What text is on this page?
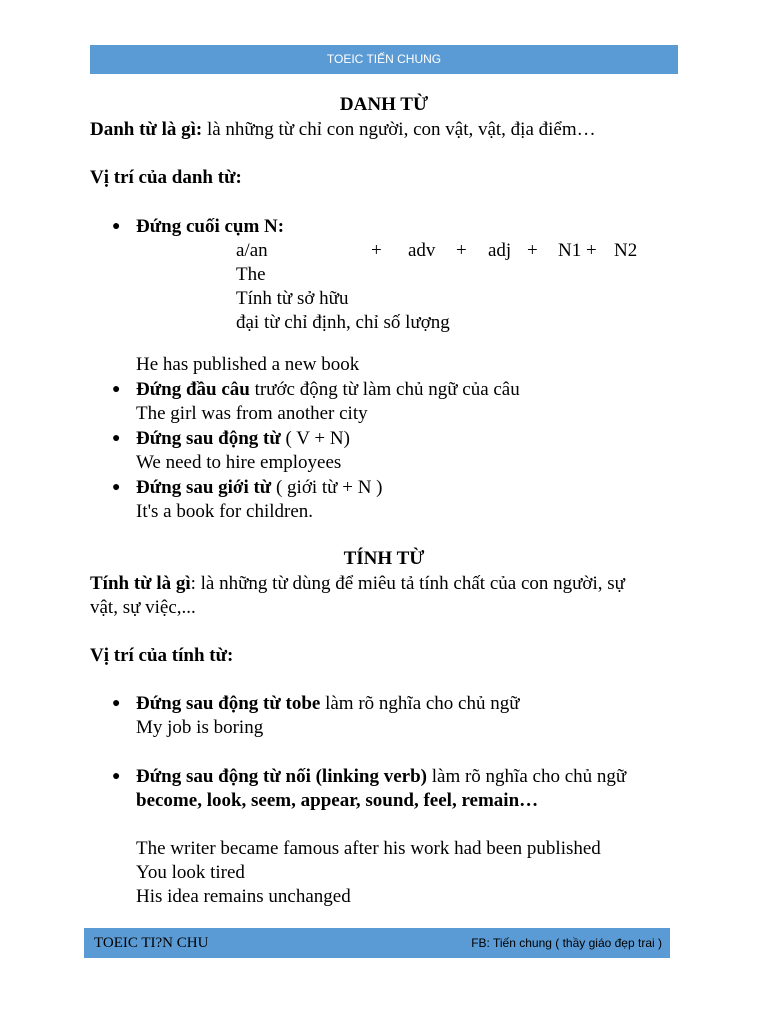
TOEIC TIẾN CHUNG
DANH TỪ
Danh từ là gì: là những từ chỉ con người, con vật, vật, địa điểm…
Vị trí của danh từ:
● Đứng cuối cụm N:
a/an	+ adv + adj + N1 + N2
The
Tính từ sở hữu
đại từ chỉ định, chỉ số lượng
He has published a new book
● Đứng đầu câu trước động từ làm chủ ngữ của câu
The girl was from another city
● Đứng sau động từ ( V + N)
We need to hire employees
● Đứng sau giới từ ( giới từ + N )
It's a book for children.
TÍNH TỪ
Tính từ là gì: là những từ dùng để miêu tả tính chất của con người, sự
vật, sự việc,...
Vị trí của tính từ:
● Đứng sau động từ tobe làm rõ nghĩa cho chủ ngữ
My job is boring
● Đứng sau động từ nối (linking verb) làm rõ nghĩa cho chủ ngữ
become, look, seem, appear, sound, feel, remain…
The writer became famous after his work had been published
You look tired
His idea remains unchanged
TOEIC TI?N CHU	FB: Tiến chung ( thầy giáo đẹp trai )
